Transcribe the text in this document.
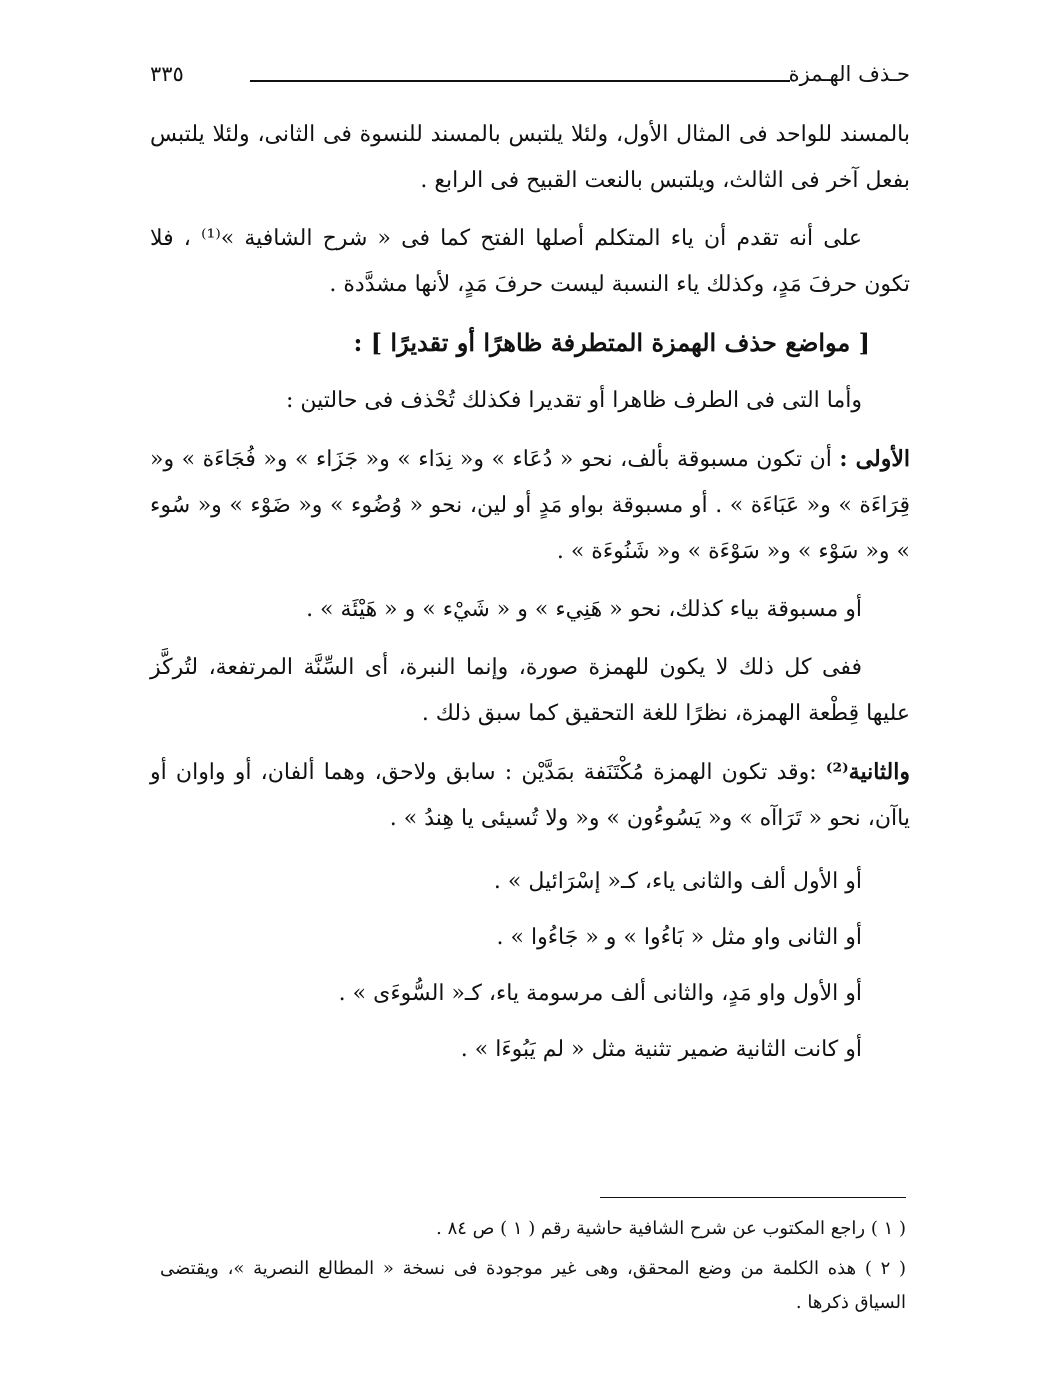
حـذف الهـمزة
٣٣٥

بالمسند للواحد فى المثال الأول، ولئلا يلتبس بالمسند للنسوة فى الثانى، ولئلا يلتبس بفعل آخر فى الثالث، ويلتبس بالنعت القبيح فى الرابع .

على أنه تقدم أن ياء المتكلم أصلها الفتح كما فى « شرح الشافية »⁽¹⁾ ، فلا تكون حرفَ مَدٍ، وكذلك ياء النسبة ليست حرفَ مَدٍ، لأنها مشدَّدة .

[ مواضع حذف الهمزة المتطرفة ظاهرًا أو تقديرًا ] :

وأما التى فى الطرف ظاهرا أو تقديرا فكذلك تُحْذف فى حالتين :

الأولى : أن تكون مسبوقة بألف، نحو « دُعَاء » و« نِدَاء » و« جَزَاء » و« فُجَاءَة » و« قِرَاءَة » و« عَبَاءَة » . أو مسبوقة بواو مَدٍ أو لين، نحو « وُضُوء » و« ضَوْء » و« سُوء » و« سَوْء » و« سَوْءَة » و« شَنُوءَة » .

أو مسبوقة بياء كذلك، نحو « هَنِيء » و « شَيْء » و « هَيْئَة » .

ففى كل ذلك لا يكون للهمزة صورة، وإنما النبرة، أى السِّنَّة المرتفعة، لتُركَّز عليها قِطْعة الهمزة، نظرًا للغة التحقيق كما سبق ذلك .

والثانية⁽²⁾ :وقد تكون الهمزة مُكْتَنَفة بمَدَّيْن : سابق ولاحق، وهما ألفان، أو واوان أو ياآن، نحو « تَرَاآه » و« يَسُوءُون » و« ولا تُسيئى يا هِندُ » .

أو الأول ألف والثانى ياء، كـ« إسْرَائيل » .

أو الثانى واو مثل « بَاءُوا » و « جَاءُوا » .

أو الأول واو مَدٍ، والثانى ألف مرسومة ياء، كـ« السُّوءَى » .

أو كانت الثانية ضمير تثنية مثل « لم يَبُوءَا » .

( ١ ) راجع المكتوب عن شرح الشافية حاشية رقم ( ١ ) ص ٨٤ .

( ٢ ) هذه الكلمة من وضع المحقق، وهى غير موجودة فى نسخة « المطالع النصرية »، ويقتضى السياق ذكرها .
